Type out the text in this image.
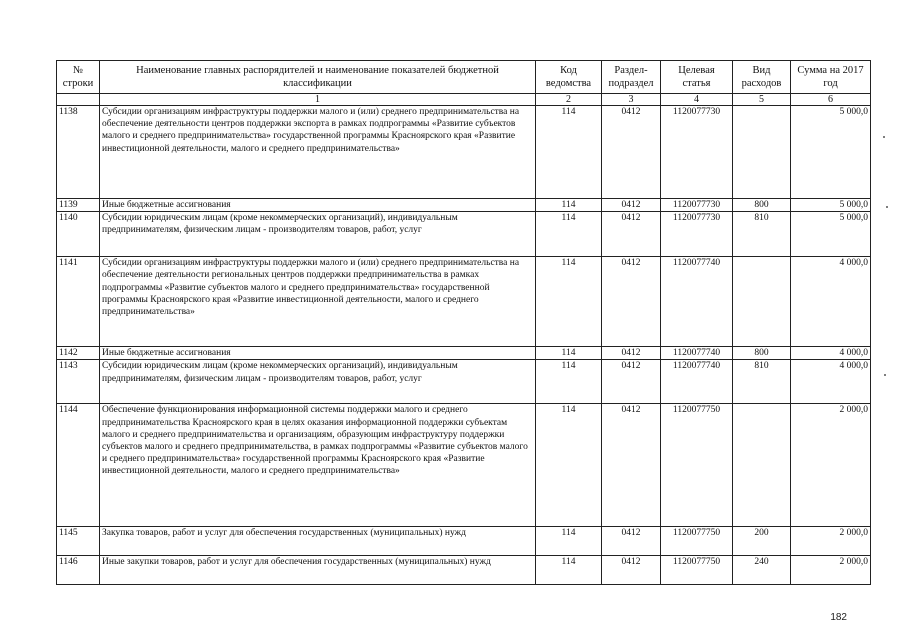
№ строки	Наименование главных распорядителей и наименование показателей бюджетной классификации	Код ведомства	Раздел-подраздел	Целевая статья	Вид расходов	Сумма на 2017 год
	1	2	3	4	5	6
1138	Субсидии организациям инфраструктуры поддержки малого и (или) среднего предпринимательства на обеспечение деятельности центров поддержки экспорта в рамках подпрограммы «Развитие субъектов малого и среднего предпринимательства» государственной программы Красноярского края «Развитие инвестиционной деятельности, малого и среднего предпринимательства»	114	0412	1120077730		5 000,0
1139	Иные бюджетные ассигнования	114	0412	1120077730	800	5 000,0
1140	Субсидии юридическим лицам (кроме некоммерческих организаций), индивидуальным предпринимателям, физическим лицам - производителям товаров, работ, услуг	114	0412	1120077730	810	5 000,0
1141	Субсидии организациям инфраструктуры поддержки малого и (или) среднего предпринимательства на обеспечение деятельности региональных центров поддержки предпринимательства в рамках подпрограммы «Развитие субъектов малого и среднего предпринимательства» государственной программы Красноярского края «Развитие инвестиционной деятельности, малого и среднего предпринимательства»	114	0412	1120077740		4 000,0
1142	Иные бюджетные ассигнования	114	0412	1120077740	800	4 000,0
1143	Субсидии юридическим лицам (кроме некоммерческих организаций), индивидуальным предпринимателям, физическим лицам - производителям товаров, работ, услуг	114	0412	1120077740	810	4 000,0
1144	Обеспечение функционирования информационной системы поддержки малого и среднего предпринимательства Красноярского края в целях оказания информационной поддержки субъектам малого и среднего предпринимательства и организациям, образующим инфраструктуру поддержки субъектов малого и среднего предпринимательства, в рамках подпрограммы «Развитие субъектов малого и среднего предпринимательства» государственной программы Красноярского края «Развитие инвестиционной деятельности, малого и среднего предпринимательства»	114	0412	1120077750		2 000,0
1145	Закупка товаров, работ и услуг для обеспечения государственных (муниципальных) нужд	114	0412	1120077750	200	2 000,0
1146	Иные закупки товаров, работ и услуг для обеспечения государственных (муниципальных) нужд	114	0412	1120077750	240	2 000,0
182
